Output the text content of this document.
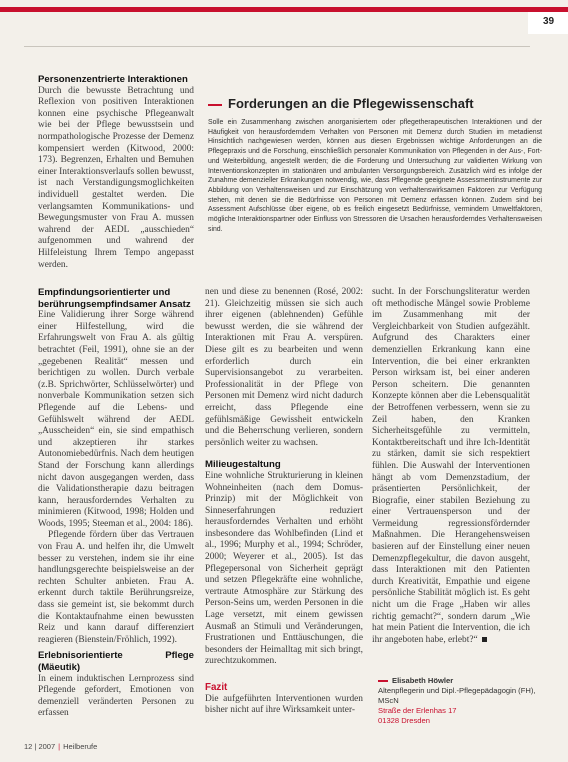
39
Personenzentrierte Interaktionen

Durch die bewusste Betrachtung und Reflexion von positiven Interaktionen konnen eine psychische Pflegeanwalt wie bei der Pflege bewusstsein und normpathologische Prozesse der Demenz kompensiert werden (Kitwood, 2000: 173). Begrenzen, Erhalten und Bemuhen einer Interaktionsverlaufs sollen bewusst, ist nach Verstandigungsmoglichkeiten individuell gestaltet werden. Die verlangsamten Kommunikations- und Bewegungsmuster von Frau A. mussen wahrend der AEDL „ausschieden“ aufgenommen und wahrend der Hilfeleistung Ihrem Tempo angepasst werden.

Empfindungsorientierter und
berührungsempfindsamer Ansatz

Eine Validierung ihrer Sorge während einer Hilfestellung, wird die Erfahrungswelt von Frau A. als gültig betrachtet (Feil, 1991), ohne sie an der „gegebenen Realität“ messen und berichtigen zu wollen. Durch verbale (z.B. Sprichwörter, Schlüsselwörter) und nonverbale Kommunikation setzen sich Pflegende auf die Lebens- und Gefühlswelt während der AEDL „Ausscheiden“ ein, sie sind empathisch und akzeptieren ihr starkes Autonomiebedürfnis. Nach dem heutigen Stand der Forschung kann allerdings nicht davon ausgegangen werden, dass die Validationstherapie dazu beitragen kann, herausforderndes Verhalten zu minimieren (Kitwood, 1998; Holden und Woods, 1995; Steeman et al., 2004: 186).

Pflegende fördern über das Vertrauen von Frau A. und helfen ihr, die Umwelt besser zu verstehen, indem sie ihr eine handlungsgerechte beispielsweise an der rechten Schulter anbieten. Frau A. erkennt durch taktile Berührungsreize, dass sie gemeint ist, sie bekommt durch die Kontaktaufnahme einen bewussten Reiz und kann darauf differenziert reagieren (Bienstein/Fröhlich, 1992).

Erlebnisorientierte Pflege (Mäeutik)

In einem induktischen Lernprozess sind Pflegende gefordert, Emotionen von demenziell veränderten Personen zu erfassen

Forderungen an die Pflegewissenschaft
Solle ein Zusammenhang zwischen anorganisiertem oder pflegetherapeutischen Interaktionen und der Häufigkeit von herausforderndem Verhalten von Personen mit Demenz durch Studien im metadienst Hinsichtlich nachgewiesen werden, können aus diesen Ergebnissen wichtige Anforderungen an die Pflegepraxis und die Forschung, einschließlich personaler Kommunikation von Pflegenden in der Aus-, Fort- und Weiterbildung, angestellt werden; die die Forderung und Untersuchung zur validierten Wirkung von Interventionskonzepten im stationären und ambulanten Versorgungsbereich. Zusätzlich wird es infolge der Zunahme demenzieller Erkrankungen notwendig, wie, dass Pflegende geeignete Assessmentinstrumente zur Abbildung von Verhaltensweisen und zur Einschätzung von verhaltenswirksamen Faktoren zur Verfügung stehen, mit denen sie die Bedürfnisse von Personen mit Demenz erfassen können. Zudem sind bei Assessment Aufschlüsse über eigene, ob es freilich eingesetzt Bedürfnisse, vermindern Umweltfaktoren, mögliche Interaktionspartner oder Einfluss von Stressoren die Ursachen herausforderndes Verhaltensweisen sind.

nen und diese zu benennen (Rosé, 2002: 21). Gleichzeitig müssen sie sich auch ihrer eigenen (ablehnenden) Gefühle bewusst werden, die sie während der Interaktionen mit Frau A. verspüren. Diese gilt es zu bearbeiten und wenn erforderlich durch ein Supervisionsangebot zu verarbeiten. Professionalität in der Pflege von Personen mit Demenz wird nicht dadurch erreicht, dass Pflegende eine gefühlsmäßige Gewissheit entwickeln und die Beherrschung verlieren, sondern persönlich weiter zu wachsen.

Milieugestaltung

Eine wohnliche Strukturierung in kleinen Wohneinheiten (nach dem Domus-Prinzip) mit der Möglichkeit von Sinneserfahrungen reduziert herausforderndes Verhalten und erhöht insbesondere das Wohlbefinden (Lind et al., 1996; Murphy et al., 1994; Schröder, 2000; Weyerer et al., 2005). Ist das Pflegepersonal von Sicherheit geprägt und setzen Pflegekräfte eine wohnliche, vertraute Atmosphäre zur Stärkung des Person-Seins um, werden Personen in die Lage versetzt, mit einem gewissen Ausmaß an Stimuli und Veränderungen, Frustrationen und Enttäuschungen, die besonders der Heimalltag mit sich bringt, zurechtzukommen.

Fazit

Die aufgeführten Interventionen wurden bisher nicht auf ihre Wirksamkeit unter-

sucht. In der Forschungsliteratur werden oft methodische Mängel sowie Probleme im Zusammenhang mit der Vergleichbarkeit von Studien aufgezählt. Aufgrund des Charakters einer demenziellen Erkrankung kann eine Intervention, die bei einer erkrankten Person wirksam ist, bei einer anderen Person scheitern. Die genannten Konzepte können aber die Lebensqualität der Betroffenen verbessern, wenn sie zu Zeil haben, den Kranken Sicherheitsgefühle zu vermitteln, Kontaktbereitschaft und ihre Ich-Identität zu stärken, damit sie sich respektiert fühlen. Die Auswahl der Interventionen hängt ab vom Demenzstadium, der präsentierten Persönlichkeit, der Biografie, einer stabilen Beziehung zu einer Vertrauensperson und der Vermeidung regressionsfördernder Maßnahmen. Die Herangehensweisen basieren auf der Einstellung einer neuen Demenzpflegekultur, die davon ausgeht, dass Interaktionen mit den Patienten durch Kreativität, Empathie und eigene persönliche Stabilität möglich ist. Es geht nicht um die Frage „Haben wir alles richtig gemacht?“, sondern darum „Wie hat mein Patient die Intervention, die ich ihr angeboten habe, erlebt?“

Elisabeth Höwler
Altenpflegerin und Dipl.-Pflegepädagogin (FH), MScN
Straße der Erlenhas 17
01328 Dresden
12 | 2007 | Heilberufe
